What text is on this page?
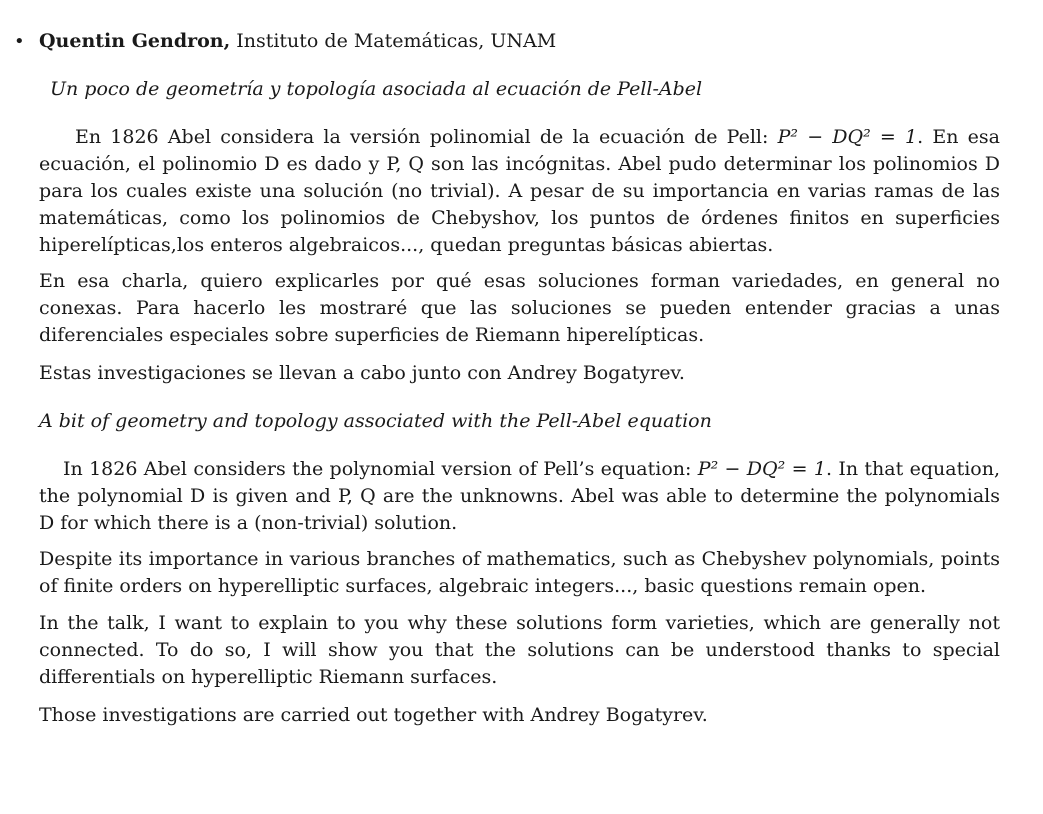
• Quentin Gendron, Instituto de Matemáticas, UNAM
Un poco de geometría y topología asociada al ecuación de Pell-Abel
En 1826 Abel considera la versión polinomial de la ecuación de Pell: P² − DQ² = 1. En esa ecuación, el polinomio D es dado y P, Q son las incógnitas. Abel pudo determinar los polinomios D para los cuales existe una solución (no trivial). A pesar de su importancia en varias ramas de las matemáticas, como los polinomios de Chebyshov, los puntos de órdenes finitos en superficies hiperelípticas,los enteros algebraicos..., quedan preguntas básicas abiertas.
En esa charla, quiero explicarles por qué esas soluciones forman variedades, en general no conexas. Para hacerlo les mostraré que las soluciones se pueden entender gracias a unas diferenciales especiales sobre superficies de Riemann hiperelípticas.
Estas investigaciones se llevan a cabo junto con Andrey Bogatyrev.
A bit of geometry and topology associated with the Pell-Abel equation
In 1826 Abel considers the polynomial version of Pell’s equation: P² − DQ² = 1. In that equation, the polynomial D is given and P, Q are the unknowns. Abel was able to determine the polynomials D for which there is a (non-trivial) solution.
Despite its importance in various branches of mathematics, such as Chebyshev polynomials, points of finite orders on hyperelliptic surfaces, algebraic integers..., basic questions remain open.
In the talk, I want to explain to you why these solutions form varieties, which are generally not connected. To do so, I will show you that the solutions can be understood thanks to special differentials on hyperelliptic Riemann surfaces.
Those investigations are carried out together with Andrey Bogatyrev.
